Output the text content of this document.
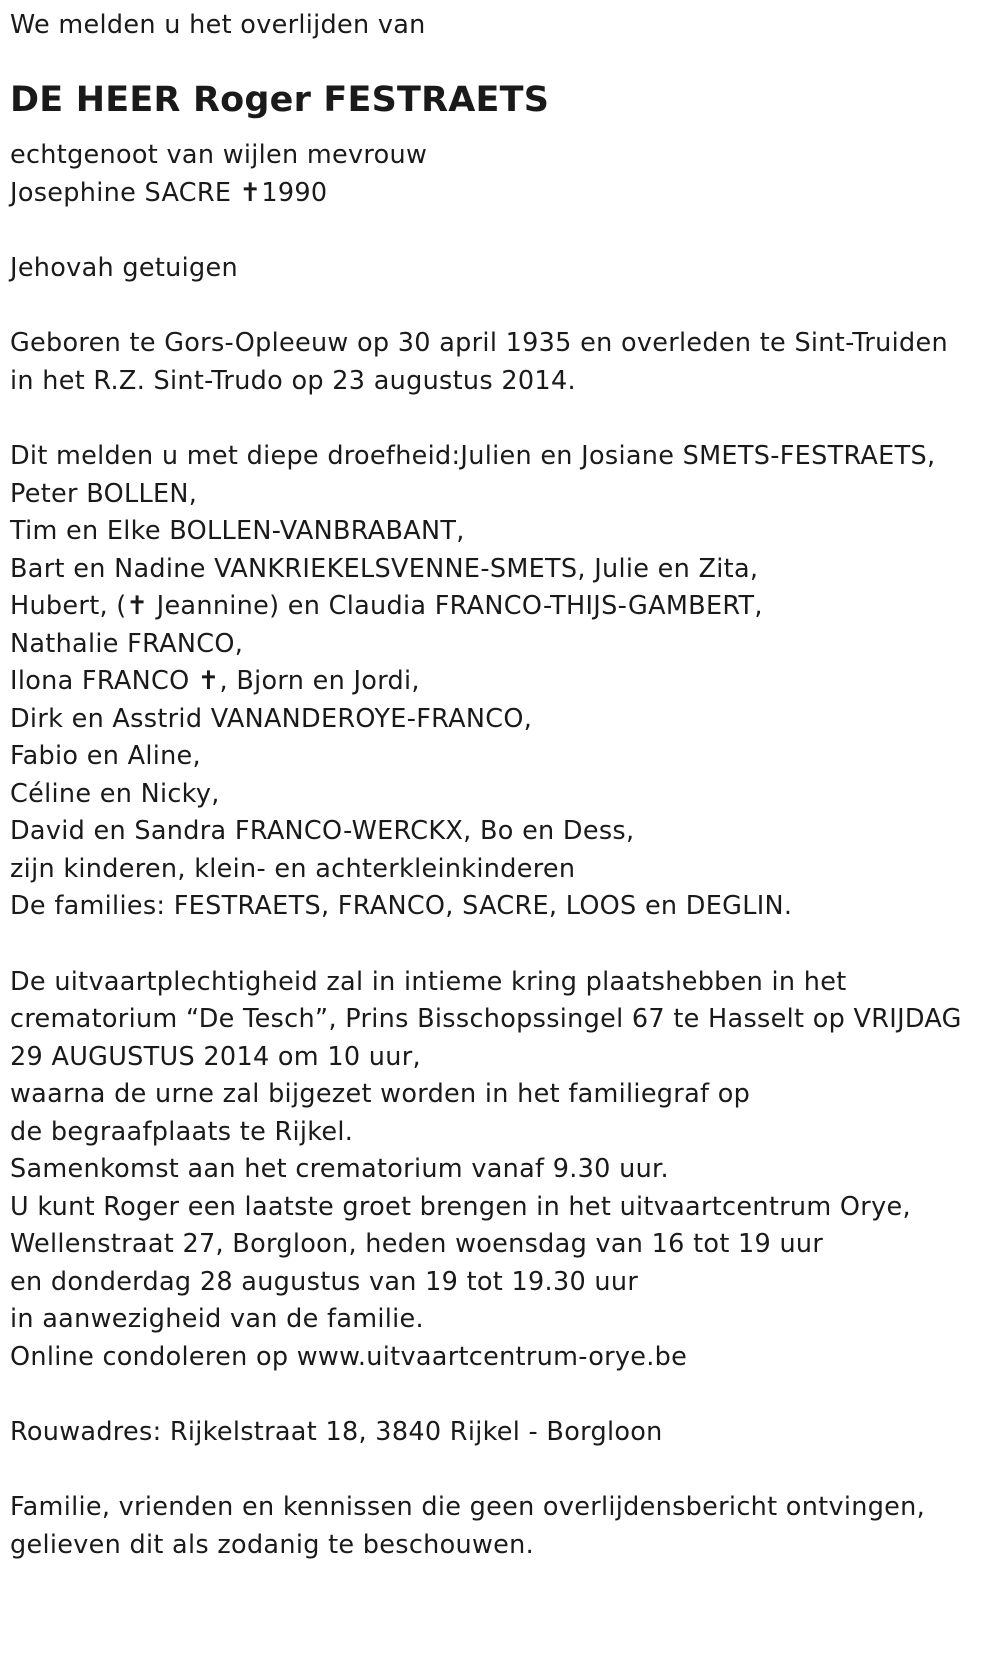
We melden u het overlijden van
DE HEER Roger FESTRAETS
echtgenoot van wijlen mevrouw
Josephine SACRE ✝1990
Jehovah getuigen
Geboren te Gors-Opleeuw op 30 april 1935 en overleden te Sint-Truiden
in het R.Z. Sint-Trudo op 23 augustus 2014.
Dit melden u met diepe droefheid:Julien en Josiane SMETS-FESTRAETS,
Peter BOLLEN,
Tim en Elke BOLLEN-VANBRABANT,
Bart en Nadine VANKRIEKELSVENNE-SMETS, Julie en Zita,
Hubert, (✝ Jeannine) en Claudia FRANCO-THIJS-GAMBERT,
Nathalie FRANCO,
Ilona FRANCO ✝, Bjorn en Jordi,
Dirk en Asstrid VANANDEROYE-FRANCO,
Fabio en Aline,
Céline en Nicky,
David en Sandra FRANCO-WERCKX, Bo en Dess,
zijn kinderen, klein- en achterkleinkinderen
De families: FESTRAETS, FRANCO, SACRE, LOOS en DEGLIN.
De uitvaartplechtigheid zal in intieme kring plaatshebben in het
crematorium “De Tesch”, Prins Bisschopssingel 67 te Hasselt op VRIJDAG
29 AUGUSTUS 2014 om 10 uur,
waarna de urne zal bijgezet worden in het familiegraf op
de begraafplaats te Rijkel.
Samenkomst aan het crematorium vanaf 9.30 uur.
U kunt Roger een laatste groet brengen in het uitvaartcentrum Orye,
Wellenstraat 27, Borgloon, heden woensdag van 16 tot 19 uur
en donderdag 28 augustus van 19 tot 19.30 uur
in aanwezigheid van de familie.
Online condoleren op www.uitvaartcentrum-orye.be
Rouwadres: Rijkelstraat 18, 3840 Rijkel - Borgloon
Familie, vrienden en kennissen die geen overlijdensbericht ontvingen,
gelieven dit als zodanig te beschouwen.
